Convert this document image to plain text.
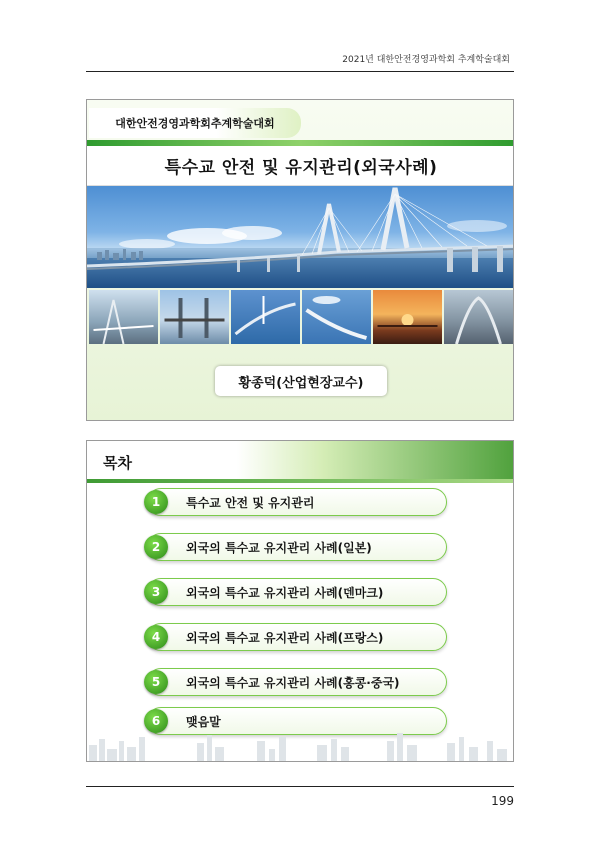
2021년 대한안전경영과학회 추계학술대회
대한안전경영과학회추계학술대회
특수교 안전 및 유지관리(외국사례)
황종덕(산업현장교수)
목차
1	특수교 안전 및 유지관리
2	외국의 특수교 유지관리 사례(일본)
3	외국의 특수교 유지관리 사례(덴마크)
4	외국의 특수교 유지관리 사례(프랑스)
5	외국의 특수교 유지관리 사례(홍콩·중국)
6	맺음말
199
